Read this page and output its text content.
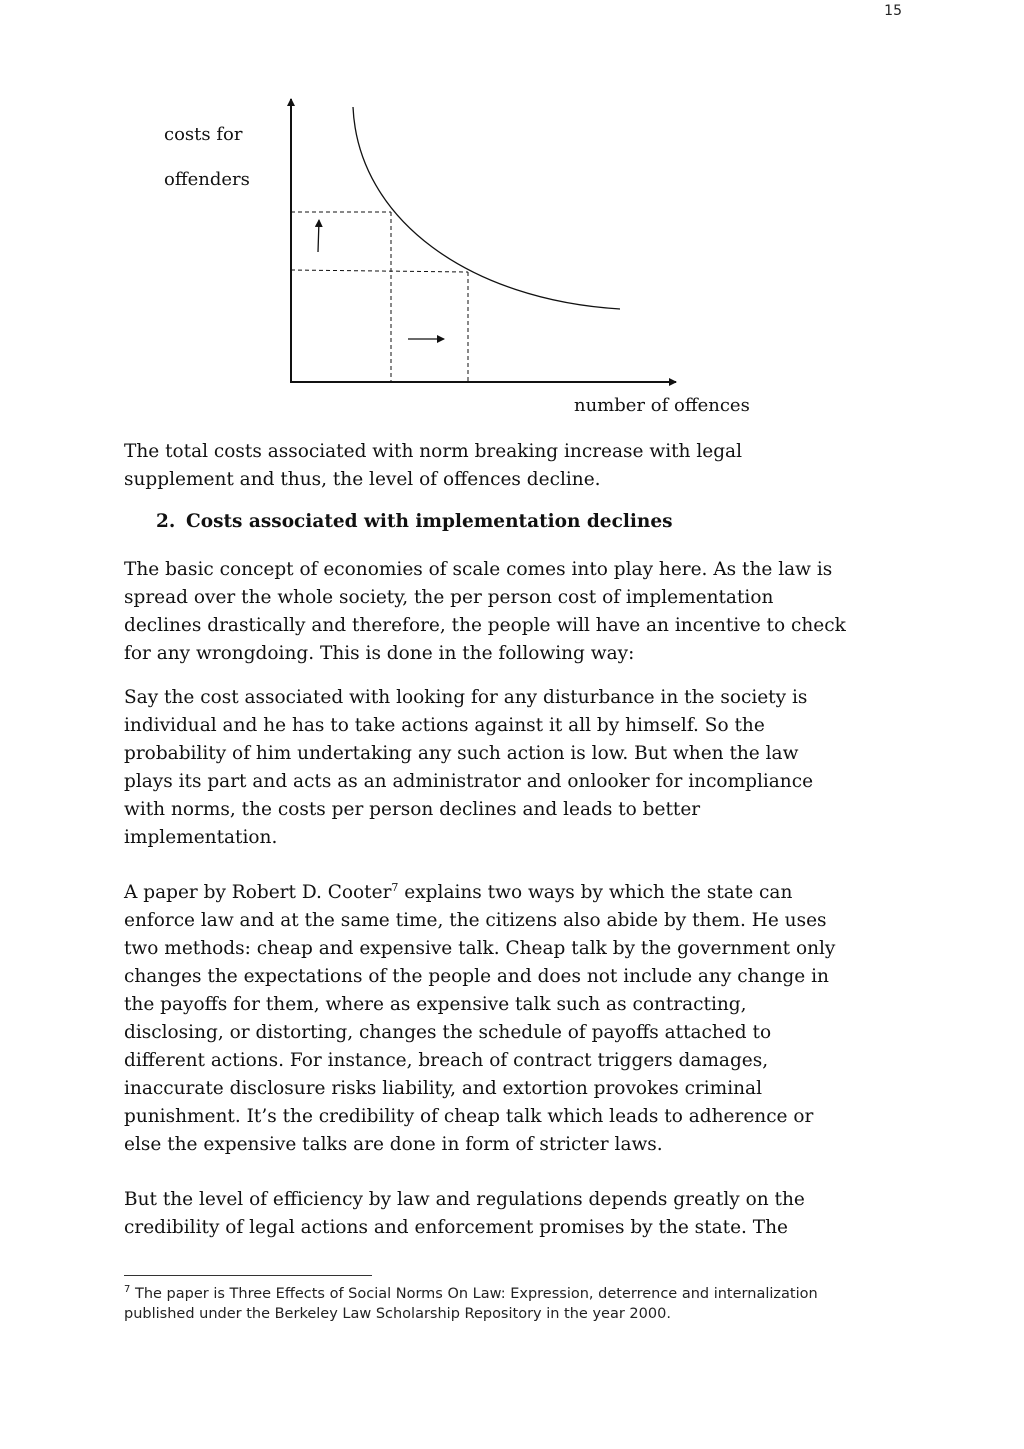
15
costs for
offenders
number of offences
The total costs associated with norm breaking increase with legal
supplement and thus, the level of offences decline.
2. Costs associated with implementation declines
The basic concept of economies of scale comes into play here. As the law is
spread over the whole society, the per person cost of implementation
declines drastically and therefore, the people will have an incentive to check
for any wrongdoing. This is done in the following way:
Say the cost associated with looking for any disturbance in the society is
individual and he has to take actions against it all by himself. So the
probability of him undertaking any such action is low. But when the law
plays its part and acts as an administrator and onlooker for incompliance
with norms, the costs per person declines and leads to better
implementation.
A paper by Robert D. Cooter$^7$ explains two ways by which the state can
enforce law and at the same time, the citizens also abide by them. He uses
two methods: cheap and expensive talk. Cheap talk by the government only
changes the expectations of the people and does not include any change in
the payoffs for them, where as expensive talk such as contracting,
disclosing, or distorting, changes the schedule of payoffs attached to
different actions. For instance, breach of contract triggers damages,
inaccurate disclosure risks liability, and extortion provokes criminal
punishment. It’s the credibility of cheap talk which leads to adherence or
else the expensive talks are done in form of stricter laws.
But the level of efficiency by law and regulations depends greatly on the
credibility of legal actions and enforcement promises by the state. The
$^7$ The paper is Three Effects of Social Norms On Law: Expression, deterrence and internalization
published under the Berkeley Law Scholarship Repository in the year 2000.
